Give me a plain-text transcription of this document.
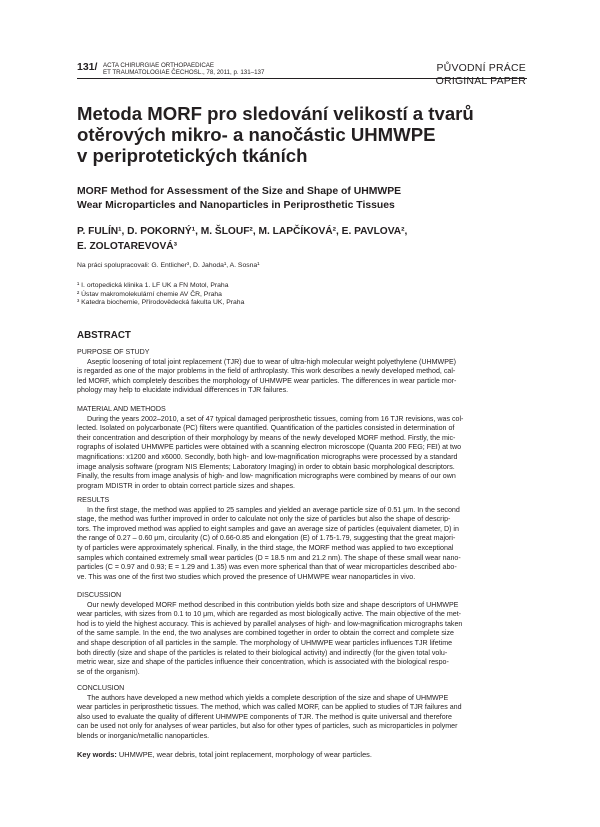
131/ ACTA CHIRURGIAE ORTHOPAEDICAE
ET TRAUMATOLOGIAE ČECHOSL., 78, 2011, p. 131–137	PŮVODNÍ PRÁCE
ORIGINAL PAPER
Metoda MORF pro sledování velikostí a tvarů
otěrových mikro- a nanočástic UHMWPE
v periprotetických tkáních
MORF Method for Assessment of the Size and Shape of UHMWPE
Wear Microparticles and Nanoparticles in Periprosthetic Tissues
P. FULÍN¹, D. POKORNÝ¹, M. ŠLOUF², M. LAPČÍKOVÁ², E. PAVLOVA²,
E. ZOLOTAREVOVÁ³
Na práci spolupracovali: G. Entlicher³, D. Jahoda¹, A. Sosna¹
¹ I. ortopedická klinika 1. LF UK a FN Motol, Praha
² Ústav makromolekulární chemie AV ČR, Praha
³ Katedra biochemie, Přírodovědecká fakulta UK, Praha
ABSTRACT
PURPOSE OF STUDY
Aseptic loosening of total joint replacement (TJR) due to wear of ultra-high molecular weight polyethylene (UHMWPE)
is regarded as one of the major problems in the field of arthroplasty. This work describes a newly developed method, cal-
led MORF, which completely describes the morphology of UHMWPE wear particles. The differences in wear particle mor-
phology may help to elucidate individual differences in TJR failures.
MATERIAL AND METHODS
During the years 2002–2010, a set of 47 typical damaged periprosthetic tissues, coming from 16 TJR revisions, was col-
lected. Isolated on polycarbonate (PC) filters were quantified. Quantification of the particles consisted in determination of
their concentration and description of their morphology by means of the newly developed MORF method. Firstly, the mic-
rographs of isolated UHMWPE particles were obtained with a scanning electron microscope (Quanta 200 FEG; FEI) at two
magnifications: x1200 and x6000. Secondly, both high- and low-magnification micrographs were processed by a standard
image analysis software (program NIS Elements; Laboratory Imaging) in order to obtain basic morphological descriptors.
Finally, the results from image analysis of high- and low- magnification micrographs were combined by means of our own
program MDISTR in order to obtain correct particle sizes and shapes.
RESULTS
In the first stage, the method was applied to 25 samples and yielded an average particle size of 0.51 μm. In the second
stage, the method was further improved in order to calculate not only the size of particles but also the shape of descrip-
tors. The improved method was applied to eight samples and gave an average size of particles (equivalent diameter, D) in
the range of 0.27 – 0.60 μm, circularity (C) of 0.66-0.85 and elongation (E) of 1.75-1.79, suggesting that the great majori-
ty of particles were approximately spherical. Finally, in the third stage, the MORF method was applied to two exceptional
samples which contained extremely small wear particles (D = 18.5 nm and 21.2 nm). The shape of these small wear nano-
particles (C = 0.97 and 0.93; E = 1.29 and 1.35) was even more spherical than that of wear microparticles described abo-
ve. This was one of the first two studies which proved the presence of UHMWPE wear nanoparticles in vivo.
DISCUSSION
Our newly developed MORF method described in this contribution yields both size and shape descriptors of UHMWPE
wear particles, with sizes from 0.1 to 10 μm, which are regarded as most biologically active. The main objective of the met-
hod is to yield the highest accuracy. This is achieved by parallel analyses of high- and low-magnification micrographs taken
of the same sample. In the end, the two analyses are combined together in order to obtain the correct and complete size
and shape description of all particles in the sample. The morphology of UHMWPE wear particles influences TJR lifetime
both directly (size and shape of the particles is related to their biological activity) and indirectly (for the given total volu-
metric wear, size and shape of the particles influence their concentration, which is associated with the biological respo-
se of the organism).
CONCLUSION
The authors have developed a new method which yields a complete description of the size and shape of UHMWPE
wear particles in periprosthetic tissues. The method, which was called MORF, can be applied to studies of TJR failures and
also used to evaluate the quality of different UHMWPE components of TJR. The method is quite universal and therefore
can be used not only for analyses of wear particles, but also for other types of particles, such as microparticles in polymer
blends or inorganic/metallic nanoparticles.
Key words: UHMWPE, wear debris, total joint replacement, morphology of wear particles.
